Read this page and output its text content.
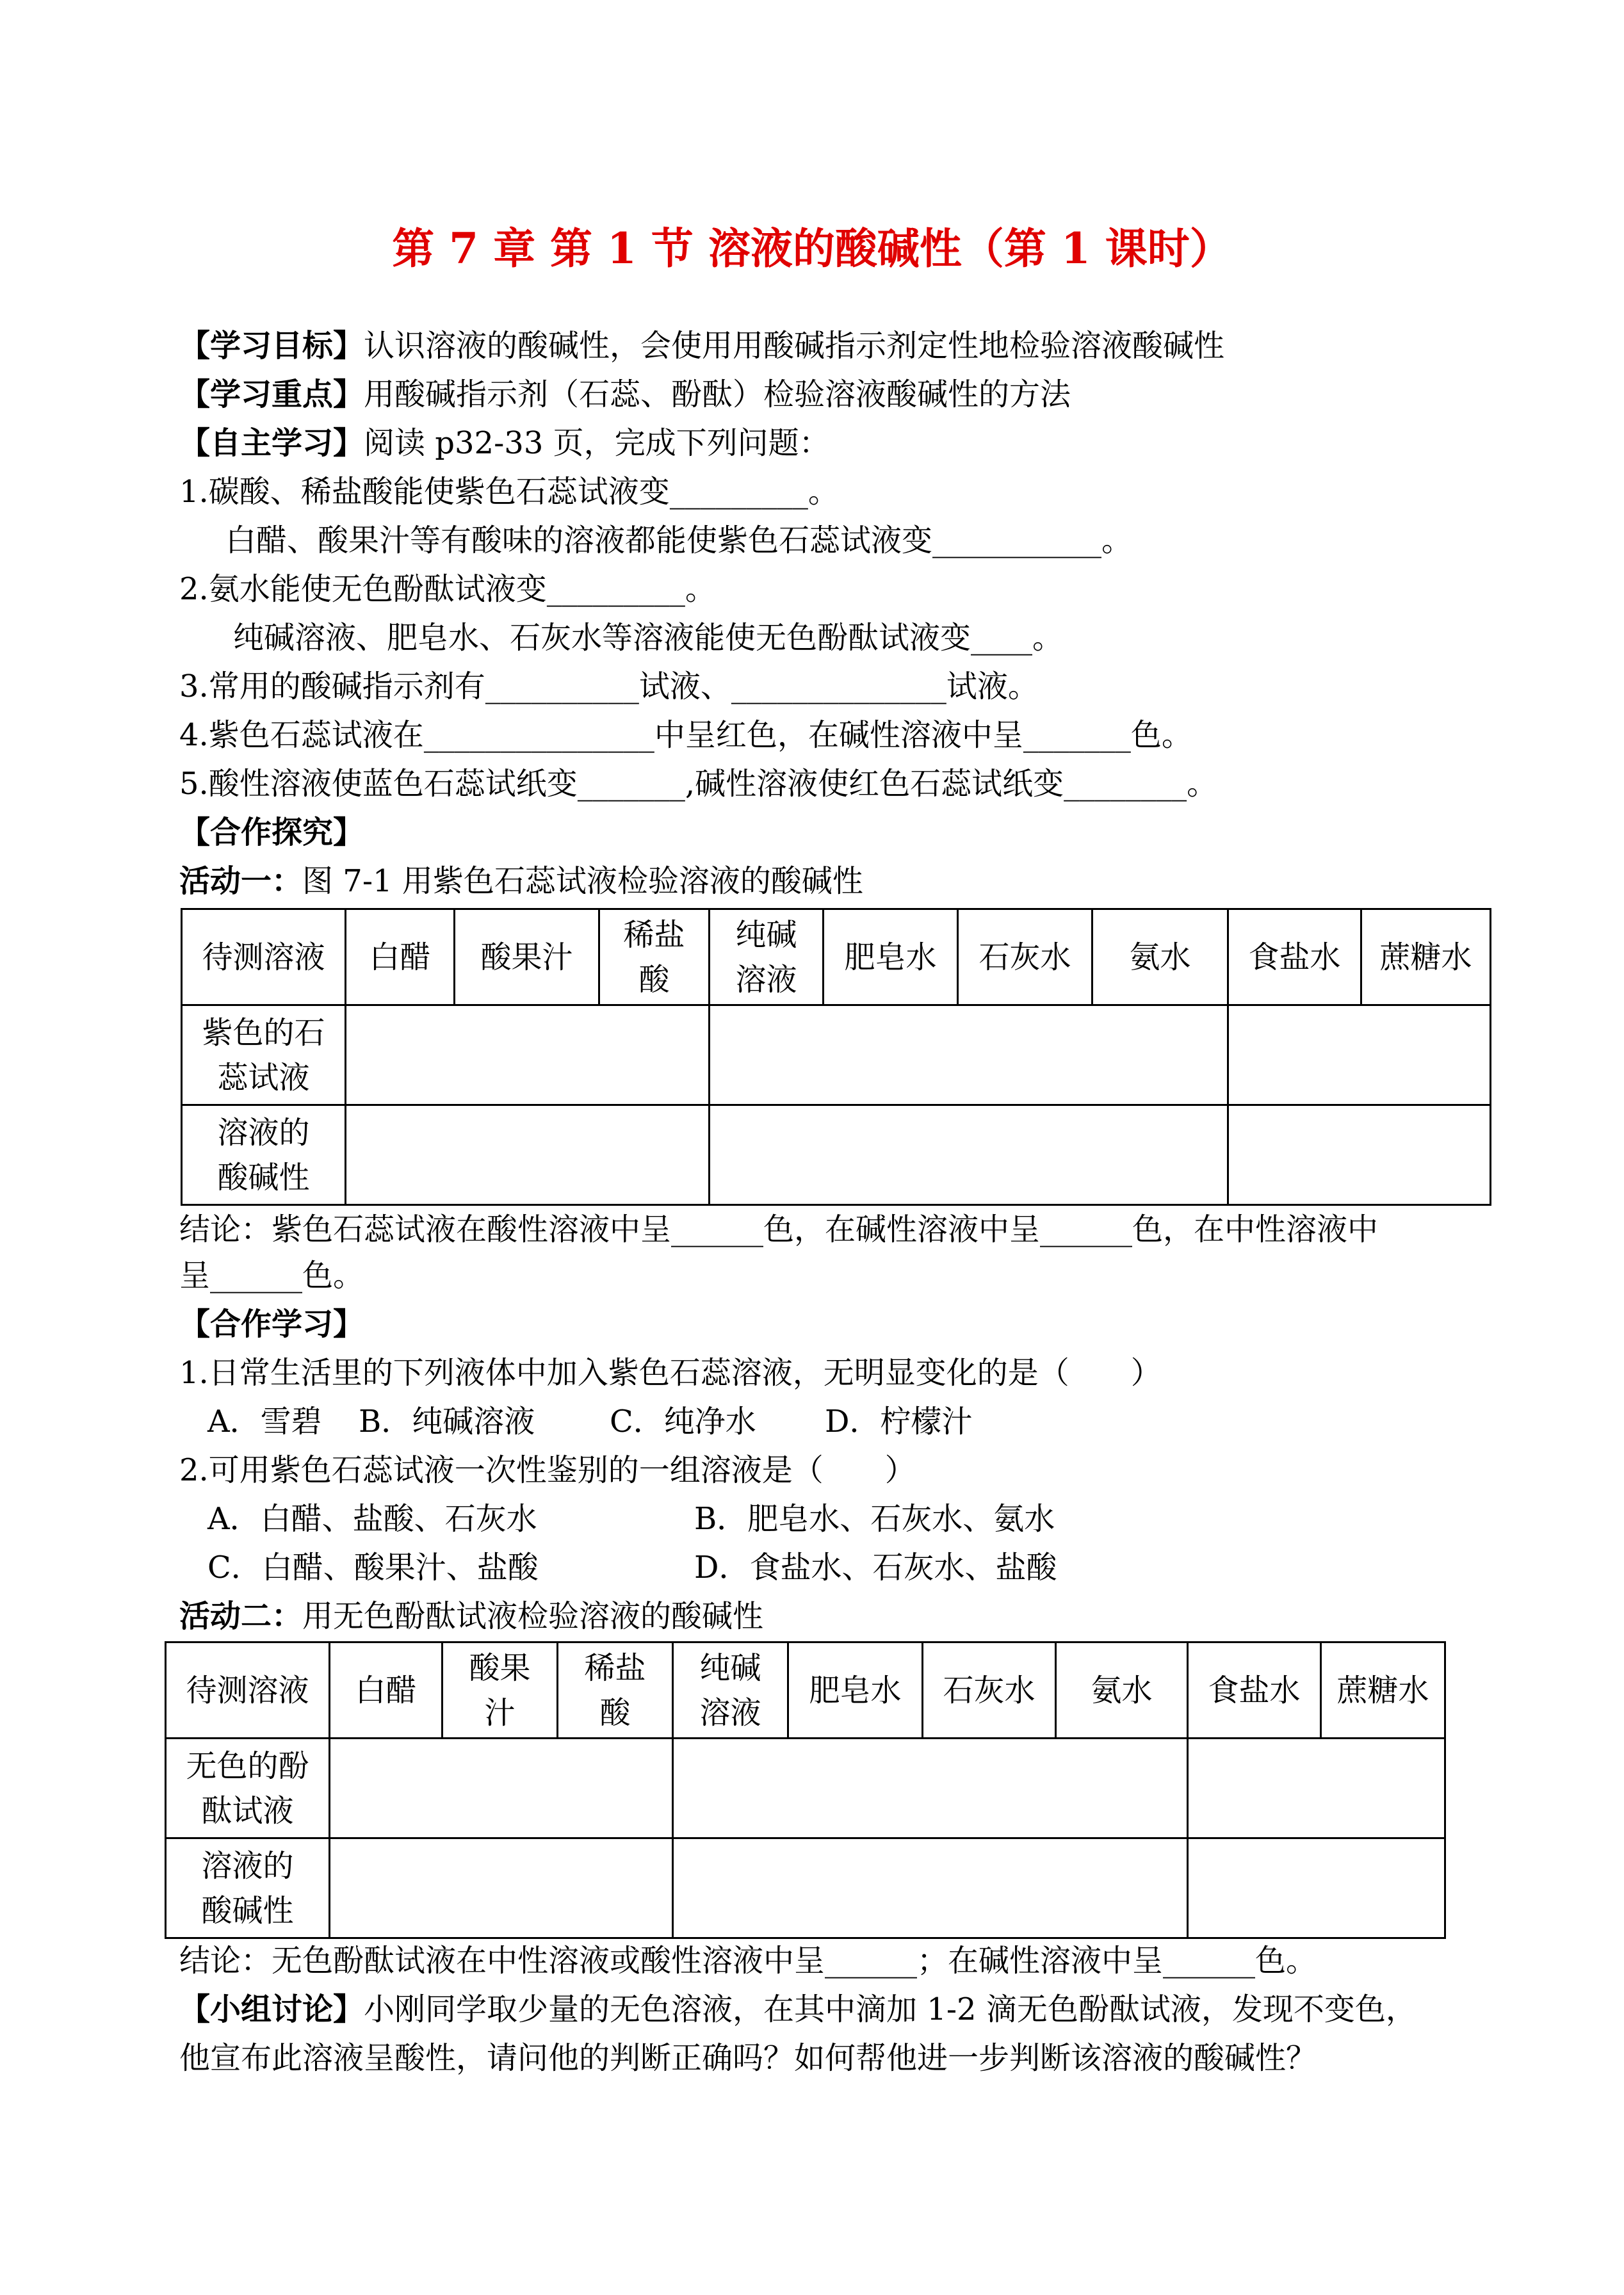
第 7 章 第 1 节 溶液的酸碱性（第 1 课时）
【学习目标】认识溶液的酸碱性，会使用用酸碱指示剂定性地检验溶液酸碱性
【学习重点】用酸碱指示剂（石蕊、酚酞）检验溶液酸碱性的方法
【自主学习】阅读 p32-33 页，完成下列问题：
1.碳酸、稀盐酸能使紫色石蕊试液变_________。
白醋、酸果汁等有酸味的溶液都能使紫色石蕊试液变___________。
2.氨水能使无色酚酞试液变_________。
纯碱溶液、肥皂水、石灰水等溶液能使无色酚酞试液变____。
3.常用的酸碱指示剂有__________试液、______________试液。
4.紫色石蕊试液在_______________中呈红色，在碱性溶液中呈_______色。
5.酸性溶液使蓝色石蕊试纸变_______,碱性溶液使红色石蕊试纸变________。
【合作探究】
活动一：图 7-1 用紫色石蕊试液检验溶液的酸碱性
待测溶液	白醋	酸果汁	稀盐酸	纯碱溶液	肥皂水	石灰水	氨水	食盐水	蔗糖水

紫色的石蕊试液									

溶液的酸碱性									

结论：紫色石蕊试液在酸性溶液中呈______色，在碱性溶液中呈______色，在中性溶液中
呈______色。
【合作学习】
1.日常生活里的下列液体中加入紫色石蕊溶液，无明显变化的是（　　）
A．雪碧 B．纯碱溶液 C．纯净水 D．柠檬汁
2.可用紫色石蕊试液一次性鉴别的一组溶液是（　　）
A．白醋、盐酸、石灰水	B．肥皂水、石灰水、氨水
C．白醋、酸果汁、盐酸	D．食盐水、石灰水、盐酸
活动二：用无色酚酞试液检验溶液的酸碱性
待测溶液	白醋	酸果汁	稀盐酸	纯碱溶液	肥皂水	石灰水	氨水	食盐水	蔗糖水

无色的酚酞试液									

溶液的酸碱性									

结论：无色酚酞试液在中性溶液或酸性溶液中呈______；在碱性溶液中呈______色。
【小组讨论】小刚同学取少量的无色溶液，在其中滴加 1-2 滴无色酚酞试液，发现不变色，
他宣布此溶液呈酸性，请问他的判断正确吗？如何帮他进一步判断该溶液的酸碱性？
